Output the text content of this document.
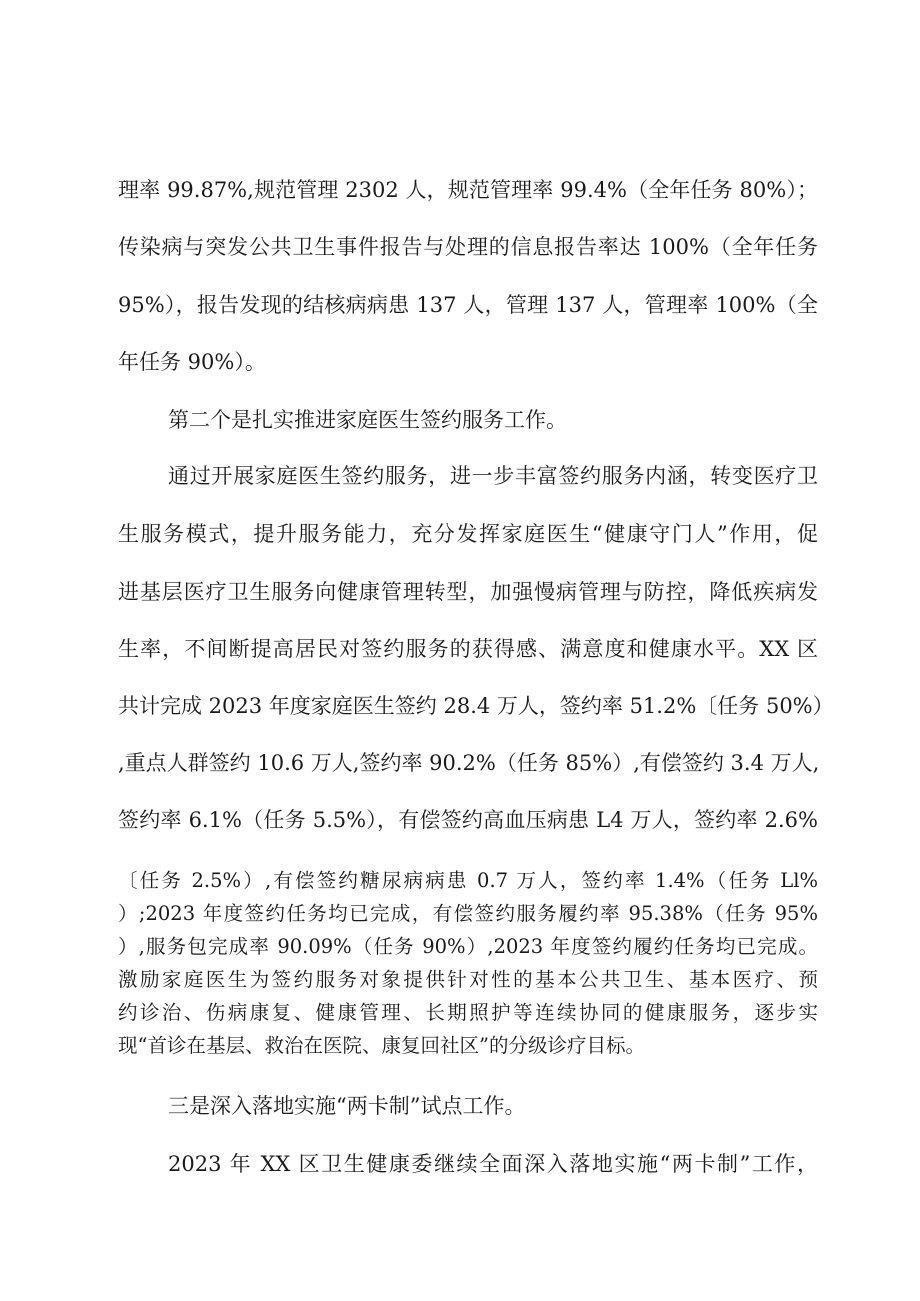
理率 99.87%,规范管理 2302 人，规范管理率 99.4%（全年任务 80%）；
传染病与突发公共卫生事件报告与处理的信息报告率达 100%（全年任务
95%），报告发现的结核病病患 137 人，管理 137 人，管理率 100%（全
年任务 90%）。
第二个是扎实推进家庭医生签约服务工作。
通过开展家庭医生签约服务，进一步丰富签约服务内涵，转变医疗卫
生服务模式，提升服务能力，充分发挥家庭医生“健康守门人”作用，促
进基层医疗卫生服务向健康管理转型，加强慢病管理与防控，降低疾病发
生率，不间断提高居民对签约服务的获得感、满意度和健康水平。XX 区
共计完成 2023 年度家庭医生签约 28.4 万人，签约率 51.2%〔任务 50%）
,重点人群签约 10.6 万人,签约率 90.2%（任务 85%）,有偿签约 3.4 万人,
签约率 6.1%（任务 5.5%），有偿签约高血压病患 L4 万人，签约率 2.6%
〔任务 2.5%）,有偿签约糖尿病病患 0.7 万人，签约率 1.4%（任务 Ll%
）;2023 年度签约任务均已完成，有偿签约服务履约率 95.38%（任务 95%
）,服务包完成率 90.09%（任务 90%）,2023 年度签约履约任务均已完成。
激励家庭医生为签约服务对象提供针对性的基本公共卫生、基本医疗、预
约诊治、伤病康复、健康管理、长期照护等连续协同的健康服务，逐步实
现“首诊在基层、救治在医院、康复回社区”的分级诊疗目标。
三是深入落地实施“两卡制”试点工作。
2023 年 XX 区卫生健康委继续全面深入落地实施“两卡制”工作，
